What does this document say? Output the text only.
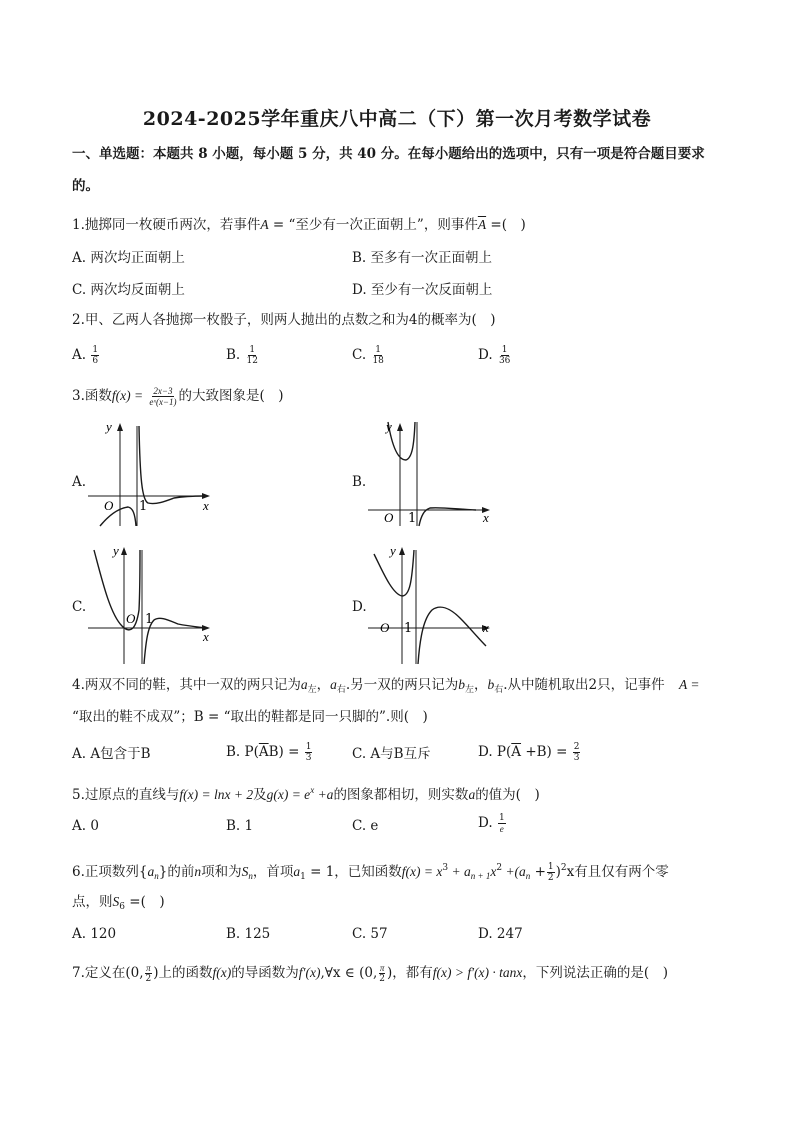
2024-2025学年重庆八中高二（下）第一次月考数学试卷
一、单选题：本题共 8 小题，每小题 5 分，共 40 分。在每小题给出的选项中，只有一项是符合题目要求
的。
1.抛掷同一枚硬币两次，若事件A = “至少有一次正面朝上”，则事件$\overline{A}$ =(　)
A. 两次均正面朝上	B. 至多有一次正面朝上
C. 两次均反面朝上	D. 至少有一次反面朝上
2.甲、乙两人各抛掷一枚骰子，则两人抛出的点数之和为4的概率为(　)
A. $\frac{1}{6}$	B. $\frac{1}{12}$	C. $\frac{1}{18}$	D. $\frac{1}{36}$
3.函数$f(x) = \frac{2x-3}{\text{eˣ(x−1)}}$ 的大致图象是(　)
A.
O 1	x
y
B.
O 1	x
y
C.
O 1
x
y
D.
O 1	x
y
4.两双不同的鞋，其中一双的两只记为$a_左$，$a_右$.另一双的两只记为$b_左$，$b_右$.从中随机取出2只，记事件 A =
“取出的鞋不成双”；B = “取出的鞋都是同一只脚的”.则(　)
A. A包含于B	B. $P(\overline{A}B) = \frac{1}{3}$	C. A与B互斥	D. $P(\overline{A} +B) = \frac{2}{3}$
5.过原点的直线与f(x) = lnx + 2及$g(x) = e^x +a$的图象都相切，则实数a的值为(　)
A. 0	B. 1	C. e	D. $\frac{1}{e}$
6.正项数列$\{a_n\}$的前n项和为$S_n$，首项$a_1 = 1$，已知函数$f(x) = x^3 + a_{n + 1}x^2 +(a_n + \frac{1}{2} )^2x$有且仅有两个零
点，则$S_6$ =(　)
A. 120	B. 125	C. 57	D. 247
7.定义在(0, $\frac{\pi}{2}$ )上的函数f(x)的导函数为f′(x),∀x ∈ (0, $\frac{\pi}{2}$ )，都有f(x) > f′(x) · tanx，下列说法正确的是(　)
